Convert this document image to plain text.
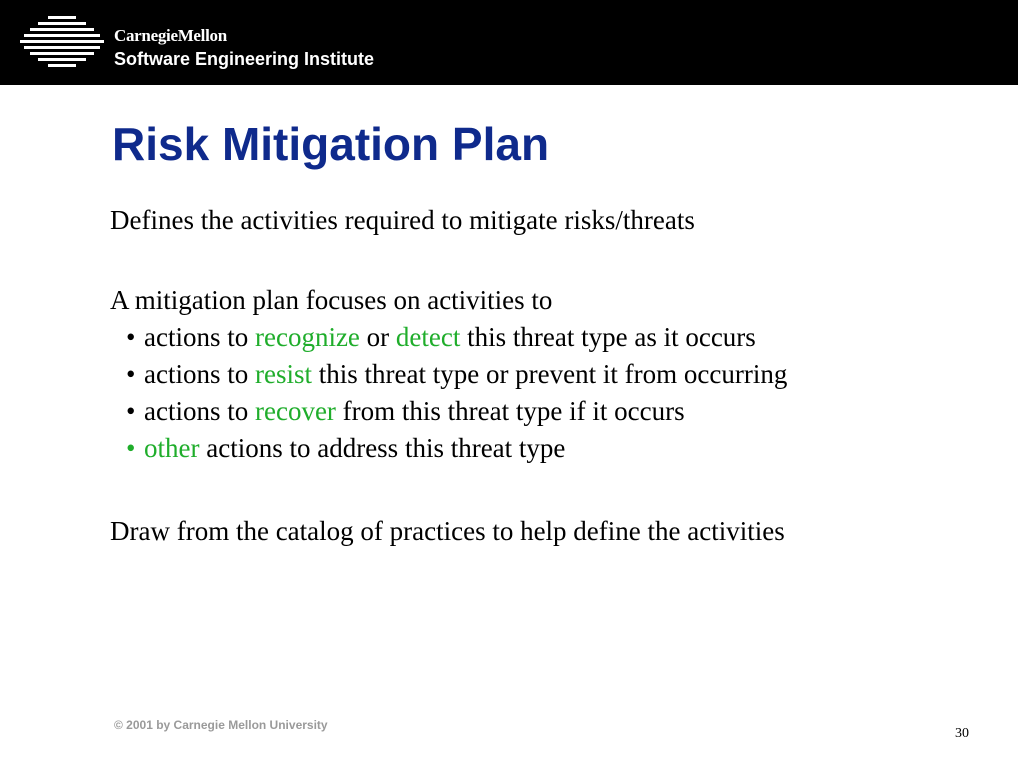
CarnegieMellon
Software Engineering Institute
Risk Mitigation Plan

Defines the activities required to mitigate risks/threats

A mitigation plan focuses on activities to

• actions to recognize or detect this threat type as it occurs
• actions to resist this threat type or prevent it from occurring
• actions to recover from this threat type if it occurs
• other actions to address this threat type

Draw from the catalog of practices to help define the activities

© 2001 by Carnegie Mellon University
30
